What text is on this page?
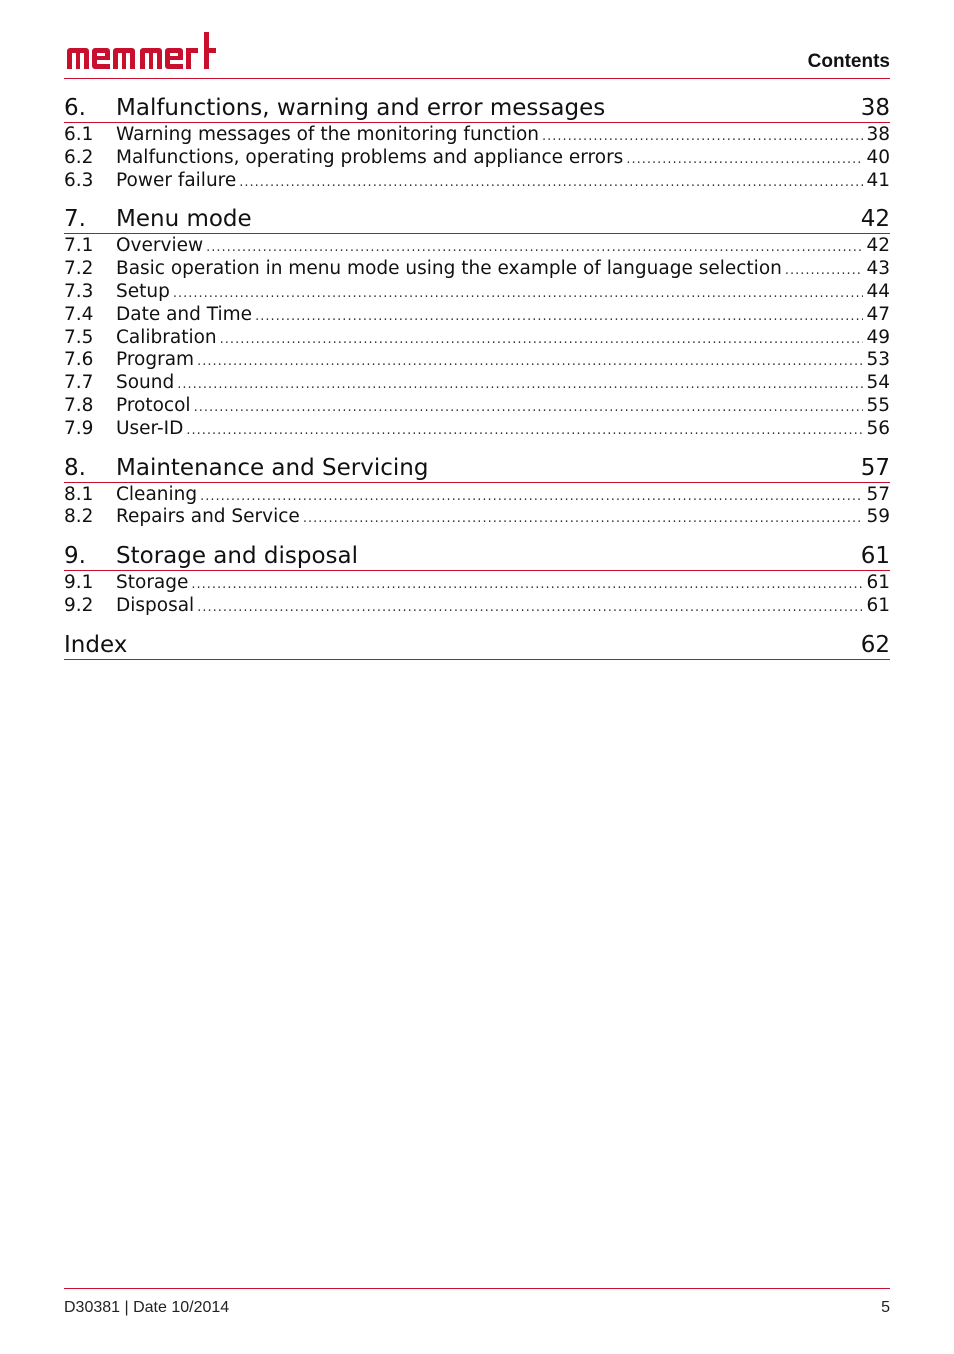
Contents
6.	Malfunctions, warning and error messages	38
6.1	Warning messages of the monitoring function .....	38
6.2	Malfunctions, operating problems and appliance errors .....	40
6.3	Power failure .....	41
7.	Menu mode	42
7.1	Overview .....	42
7.2	Basic operation in menu mode using the example of language selection .....	43
7.3	Setup .....	44
7.4	Date and Time .....	47
7.5	Calibration .....	49
7.6	Program .....	53
7.7	Sound .....	54
7.8	Protocol .....	55
7.9	User-ID .....	56
8.	Maintenance and Servicing	57
8.1	Cleaning .....	57
8.2	Repairs and Service .....	59
9.	Storage and disposal	61
9.1	Storage .....	61
9.2	Disposal .....	61
Index	62
D30381 | Date 10/2014	5
